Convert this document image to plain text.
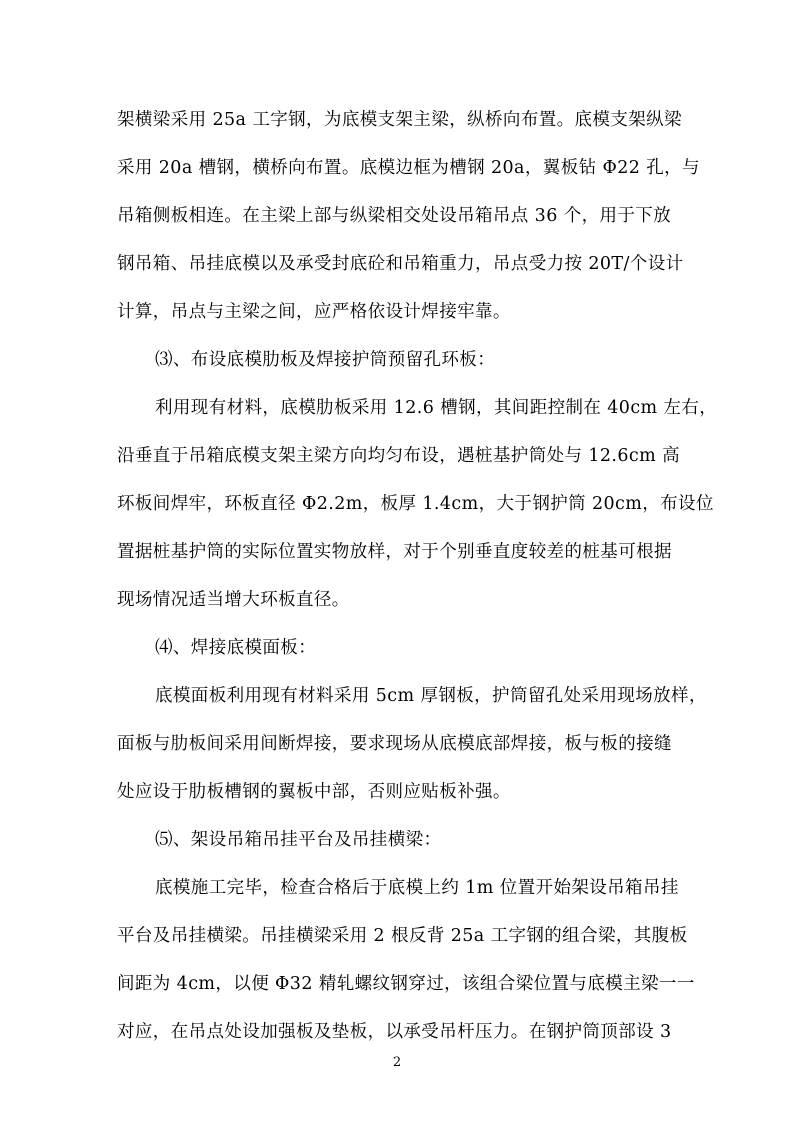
架横梁采用 25a 工字钢，为底模支架主梁，纵桥向布置。底模支架纵梁
采用 20a 槽钢，横桥向布置。底模边框为槽钢 20a，翼板钻 Φ22 孔，与
吊箱侧板相连。在主梁上部与纵梁相交处设吊箱吊点 36 个，用于下放
钢吊箱、吊挂底模以及承受封底砼和吊箱重力，吊点受力按 20T/个设计
计算，吊点与主梁之间，应严格依设计焊接牢靠。
⑶、布设底模肋板及焊接护筒预留孔环板：
利用现有材料，底模肋板采用 12.6 槽钢，其间距控制在 40cm 左右，
沿垂直于吊箱底模支架主梁方向均匀布设，遇桩基护筒处与 12.6cm 高
环板间焊牢，环板直径 Φ2.2m，板厚 1.4cm，大于钢护筒 20cm，布设位
置据桩基护筒的实际位置实物放样，对于个别垂直度较差的桩基可根据
现场情况适当增大环板直径。
⑷、焊接底模面板：
底模面板利用现有材料采用 5cm 厚钢板，护筒留孔处采用现场放样，
面板与肋板间采用间断焊接，要求现场从底模底部焊接，板与板的接缝
处应设于肋板槽钢的翼板中部，否则应贴板补强。
⑸、架设吊箱吊挂平台及吊挂横梁：
底模施工完毕，检查合格后于底模上约 1m 位置开始架设吊箱吊挂
平台及吊挂横梁。吊挂横梁采用 2 根反背 25a 工字钢的组合梁，其腹板
间距为 4cm，以便 Φ32 精轧螺纹钢穿过，该组合梁位置与底模主梁一一
对应，在吊点处设加强板及垫板，以承受吊杆压力。在钢护筒顶部设 3
2
